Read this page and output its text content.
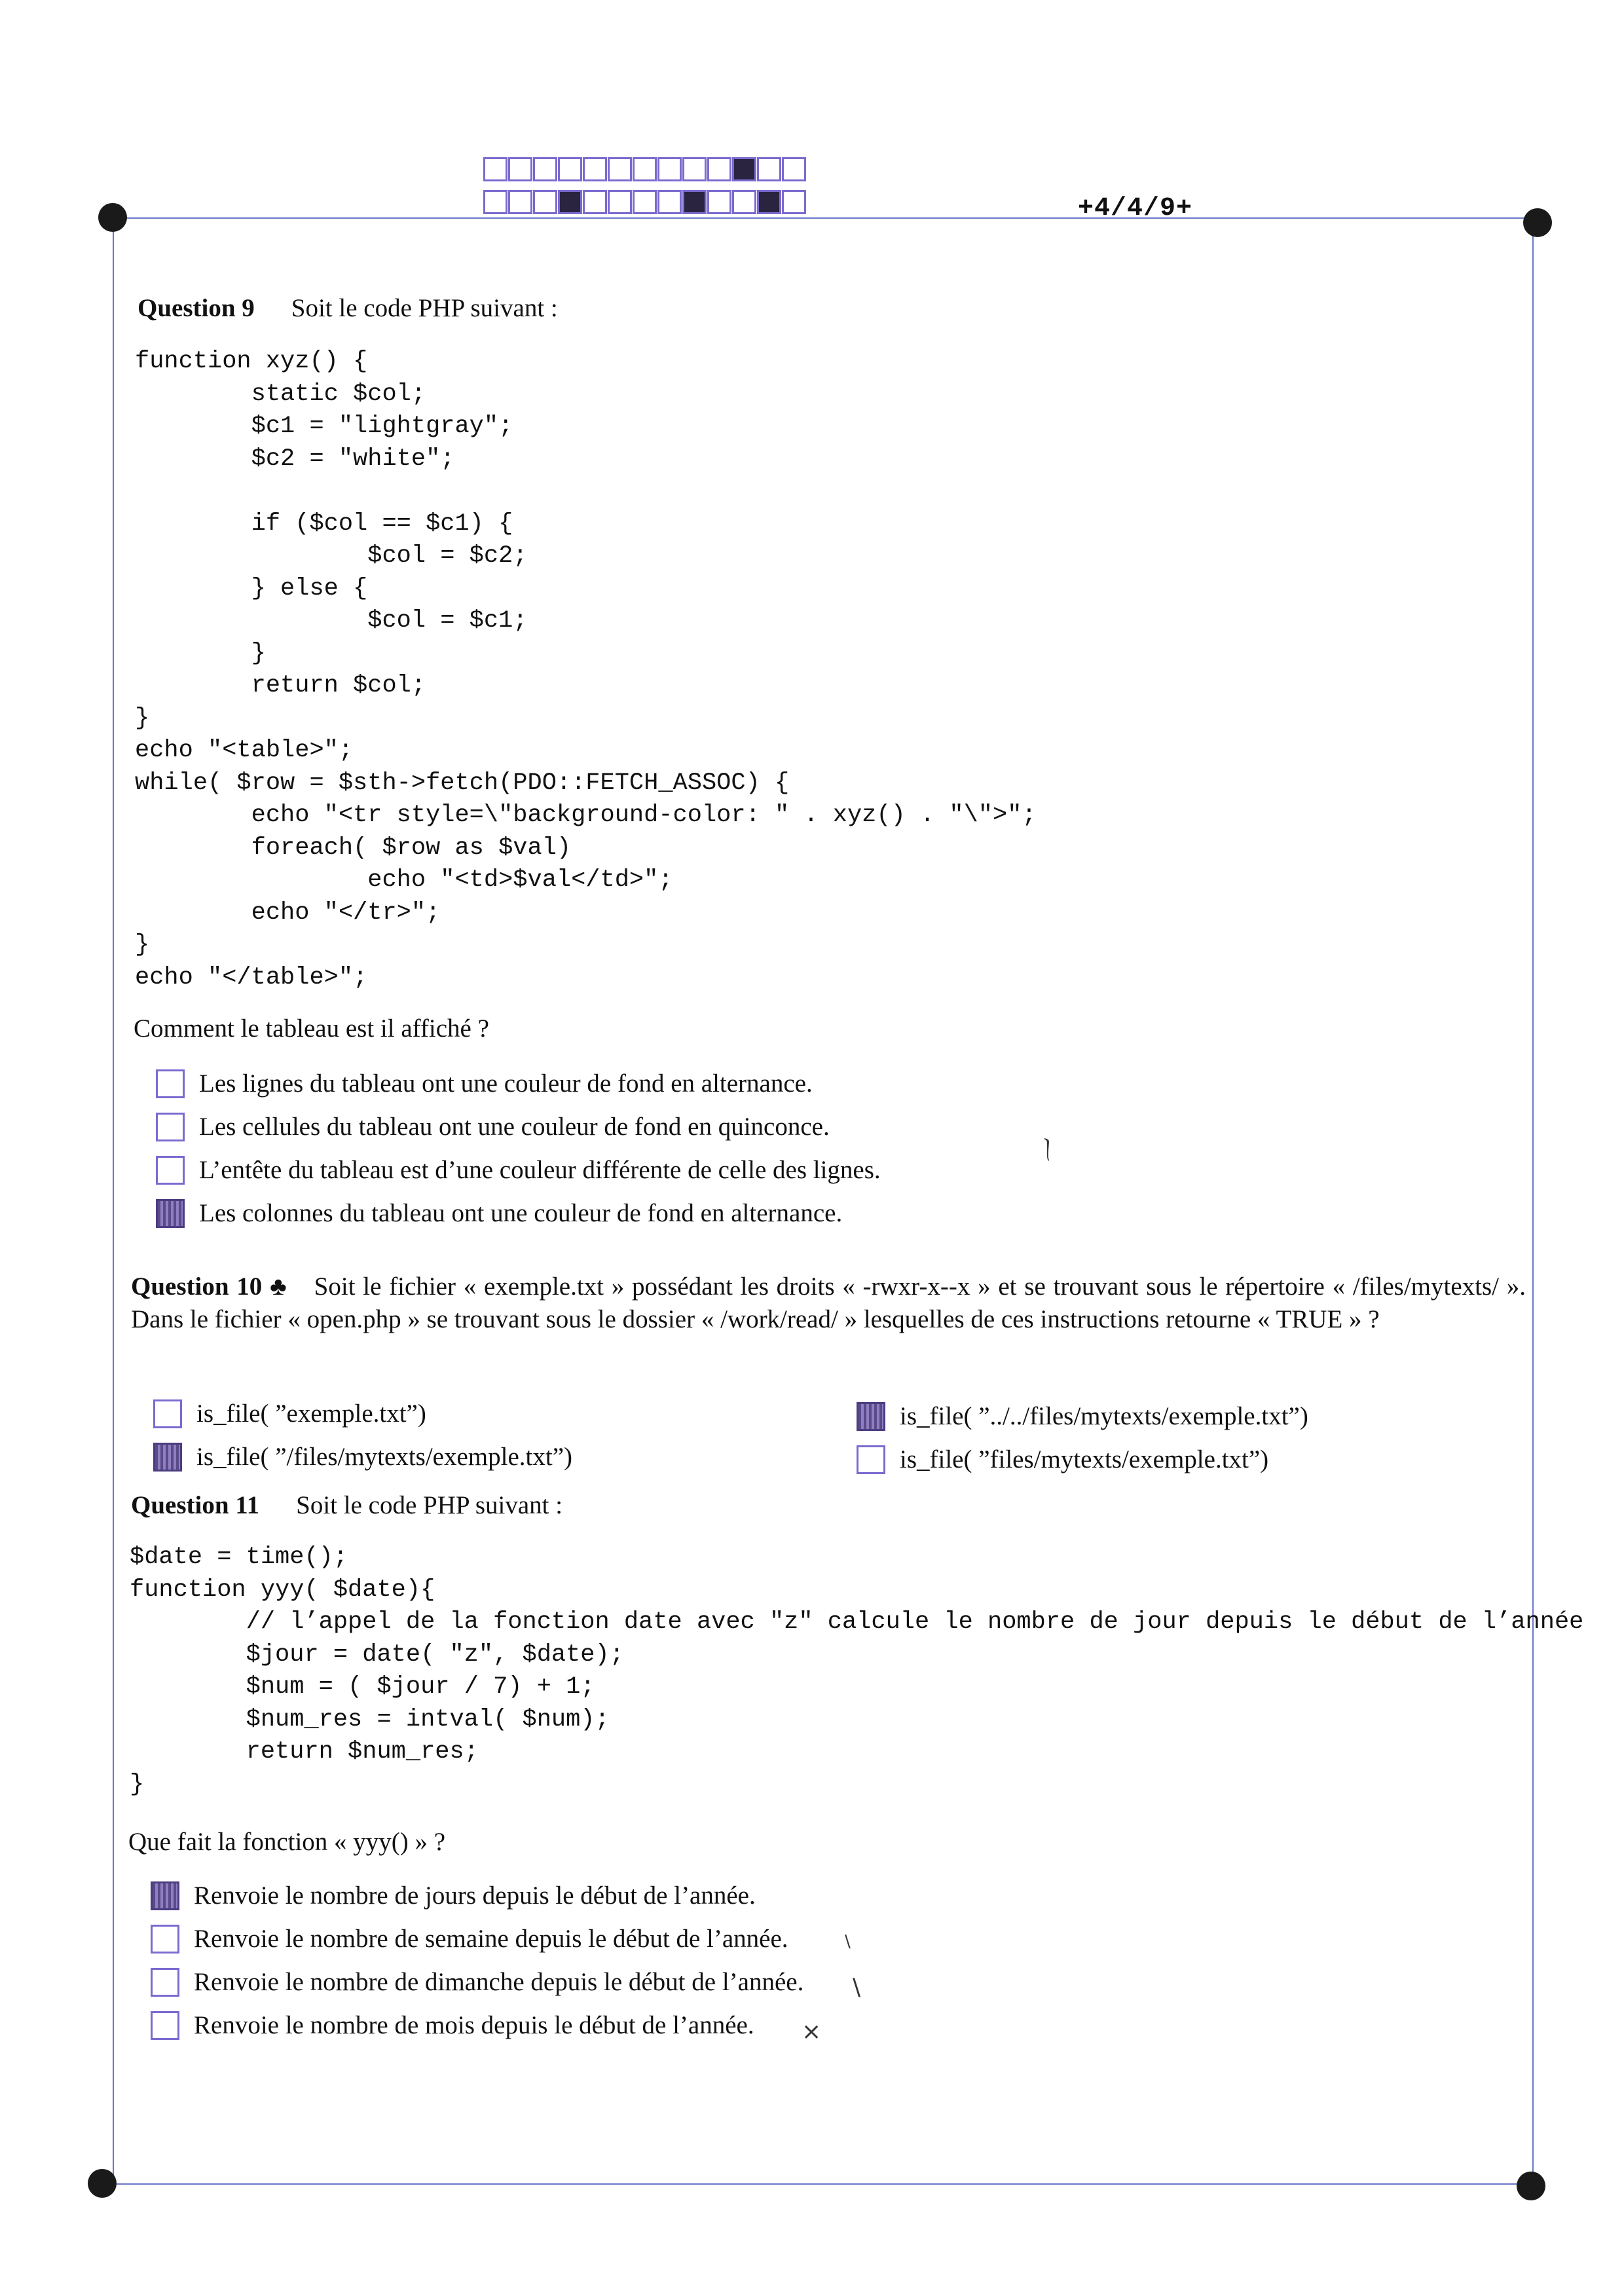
+4/4/9+
Question 9 Soit le code PHP suivant :
function xyz() {
static $col;
$c1 = "lightgray";
$c2 = "white";

if ($col == $c1) {
$col = $c2;
} else {
$col = $c1;
}
return $col;
}
echo "<table>";
while( $row = $sth->fetch(PDO::FETCH_ASSOC) {
echo "<tr style=\"background-color: " . xyz() . "\">";
foreach( $row as $val)
echo "<td>$val</td>";
echo "</tr>";
}
echo "</table>";
Comment le tableau est il affiché ?
Les lignes du tableau ont une couleur de fond en alternance.
Les cellules du tableau ont une couleur de fond en quinconce.
L’entête du tableau est d’une couleur différente de celle des lignes.
Les colonnes du tableau ont une couleur de fond en alternance.
〳
Question 10 ♣ Soit le fichier « exemple.txt » possédant les droits « -rwxr-x--x » et se trouvant sous le répertoire « /files/mytexts/ ». Dans le fichier « open.php » se trouvant sous le dossier « /work/read/ » lesquelles de ces instructions retourne « TRUE » ?
is_file( ”exemple.txt”)
is_file( ”/files/mytexts/exemple.txt”)
is_file( ”../../files/mytexts/exemple.txt”)
is_file( ”files/mytexts/exemple.txt”)
Question 11 Soit le code PHP suivant :
$date = time();
function yyy( $date){
// l’appel de la fonction date avec "z" calcule le nombre de jour depuis le début de l’année
$jour = date( "z", $date);
$num = ( $jour / 7) + 1;
$num_res = intval( $num);
return $num_res;
}
Que fait la fonction « yyy() » ?
Renvoie le nombre de jours depuis le début de l’année.
Renvoie le nombre de semaine depuis le début de l’année.
Renvoie le nombre de dimanche depuis le début de l’année.
Renvoie le nombre de mois depuis le début de l’année.
\
\
×
